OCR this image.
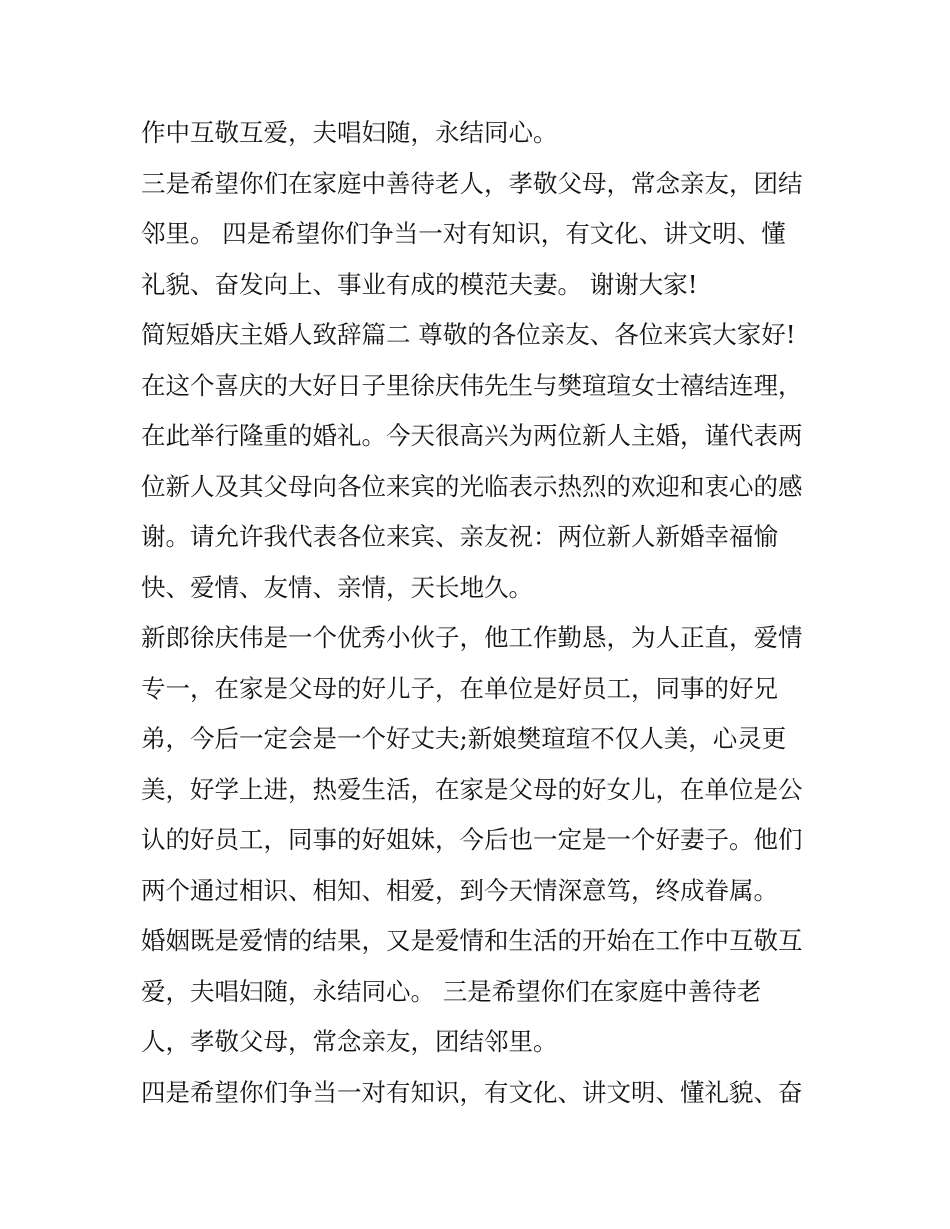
作中互敬互爱，夫唱妇随，永结同心。
三是希望你们在家庭中善待老人，孝敬父母，常念亲友，团结
邻里。 四是希望你们争当一对有知识，有文化、讲文明、懂
礼貌、奋发向上、事业有成的模范夫妻。 谢谢大家!
简短婚庆主婚人致辞篇二 尊敬的各位亲友、各位来宾大家好!
在这个喜庆的大好日子里徐庆伟先生与樊瑄瑄女士禧结连理，
在此举行隆重的婚礼。今天很高兴为两位新人主婚，谨代表两
位新人及其父母向各位来宾的光临表示热烈的欢迎和衷心的感
谢。请允许我代表各位来宾、亲友祝：两位新人新婚幸福愉
快、爱情、友情、亲情，天长地久。
新郎徐庆伟是一个优秀小伙子，他工作勤恳，为人正直，爱情
专一，在家是父母的好儿子，在单位是好员工，同事的好兄
弟，今后一定会是一个好丈夫;新娘樊瑄瑄不仅人美，心灵更
美，好学上进，热爱生活，在家是父母的好女儿，在单位是公
认的好员工，同事的好姐妹，今后也一定是一个好妻子。他们
两个通过相识、相知、相爱，到今天情深意笃，终成眷属。
婚姻既是爱情的结果，又是爱情和生活的开始在工作中互敬互
爱，夫唱妇随，永结同心。 三是希望你们在家庭中善待老
人，孝敬父母，常念亲友，团结邻里。
四是希望你们争当一对有知识，有文化、讲文明、懂礼貌、奋
